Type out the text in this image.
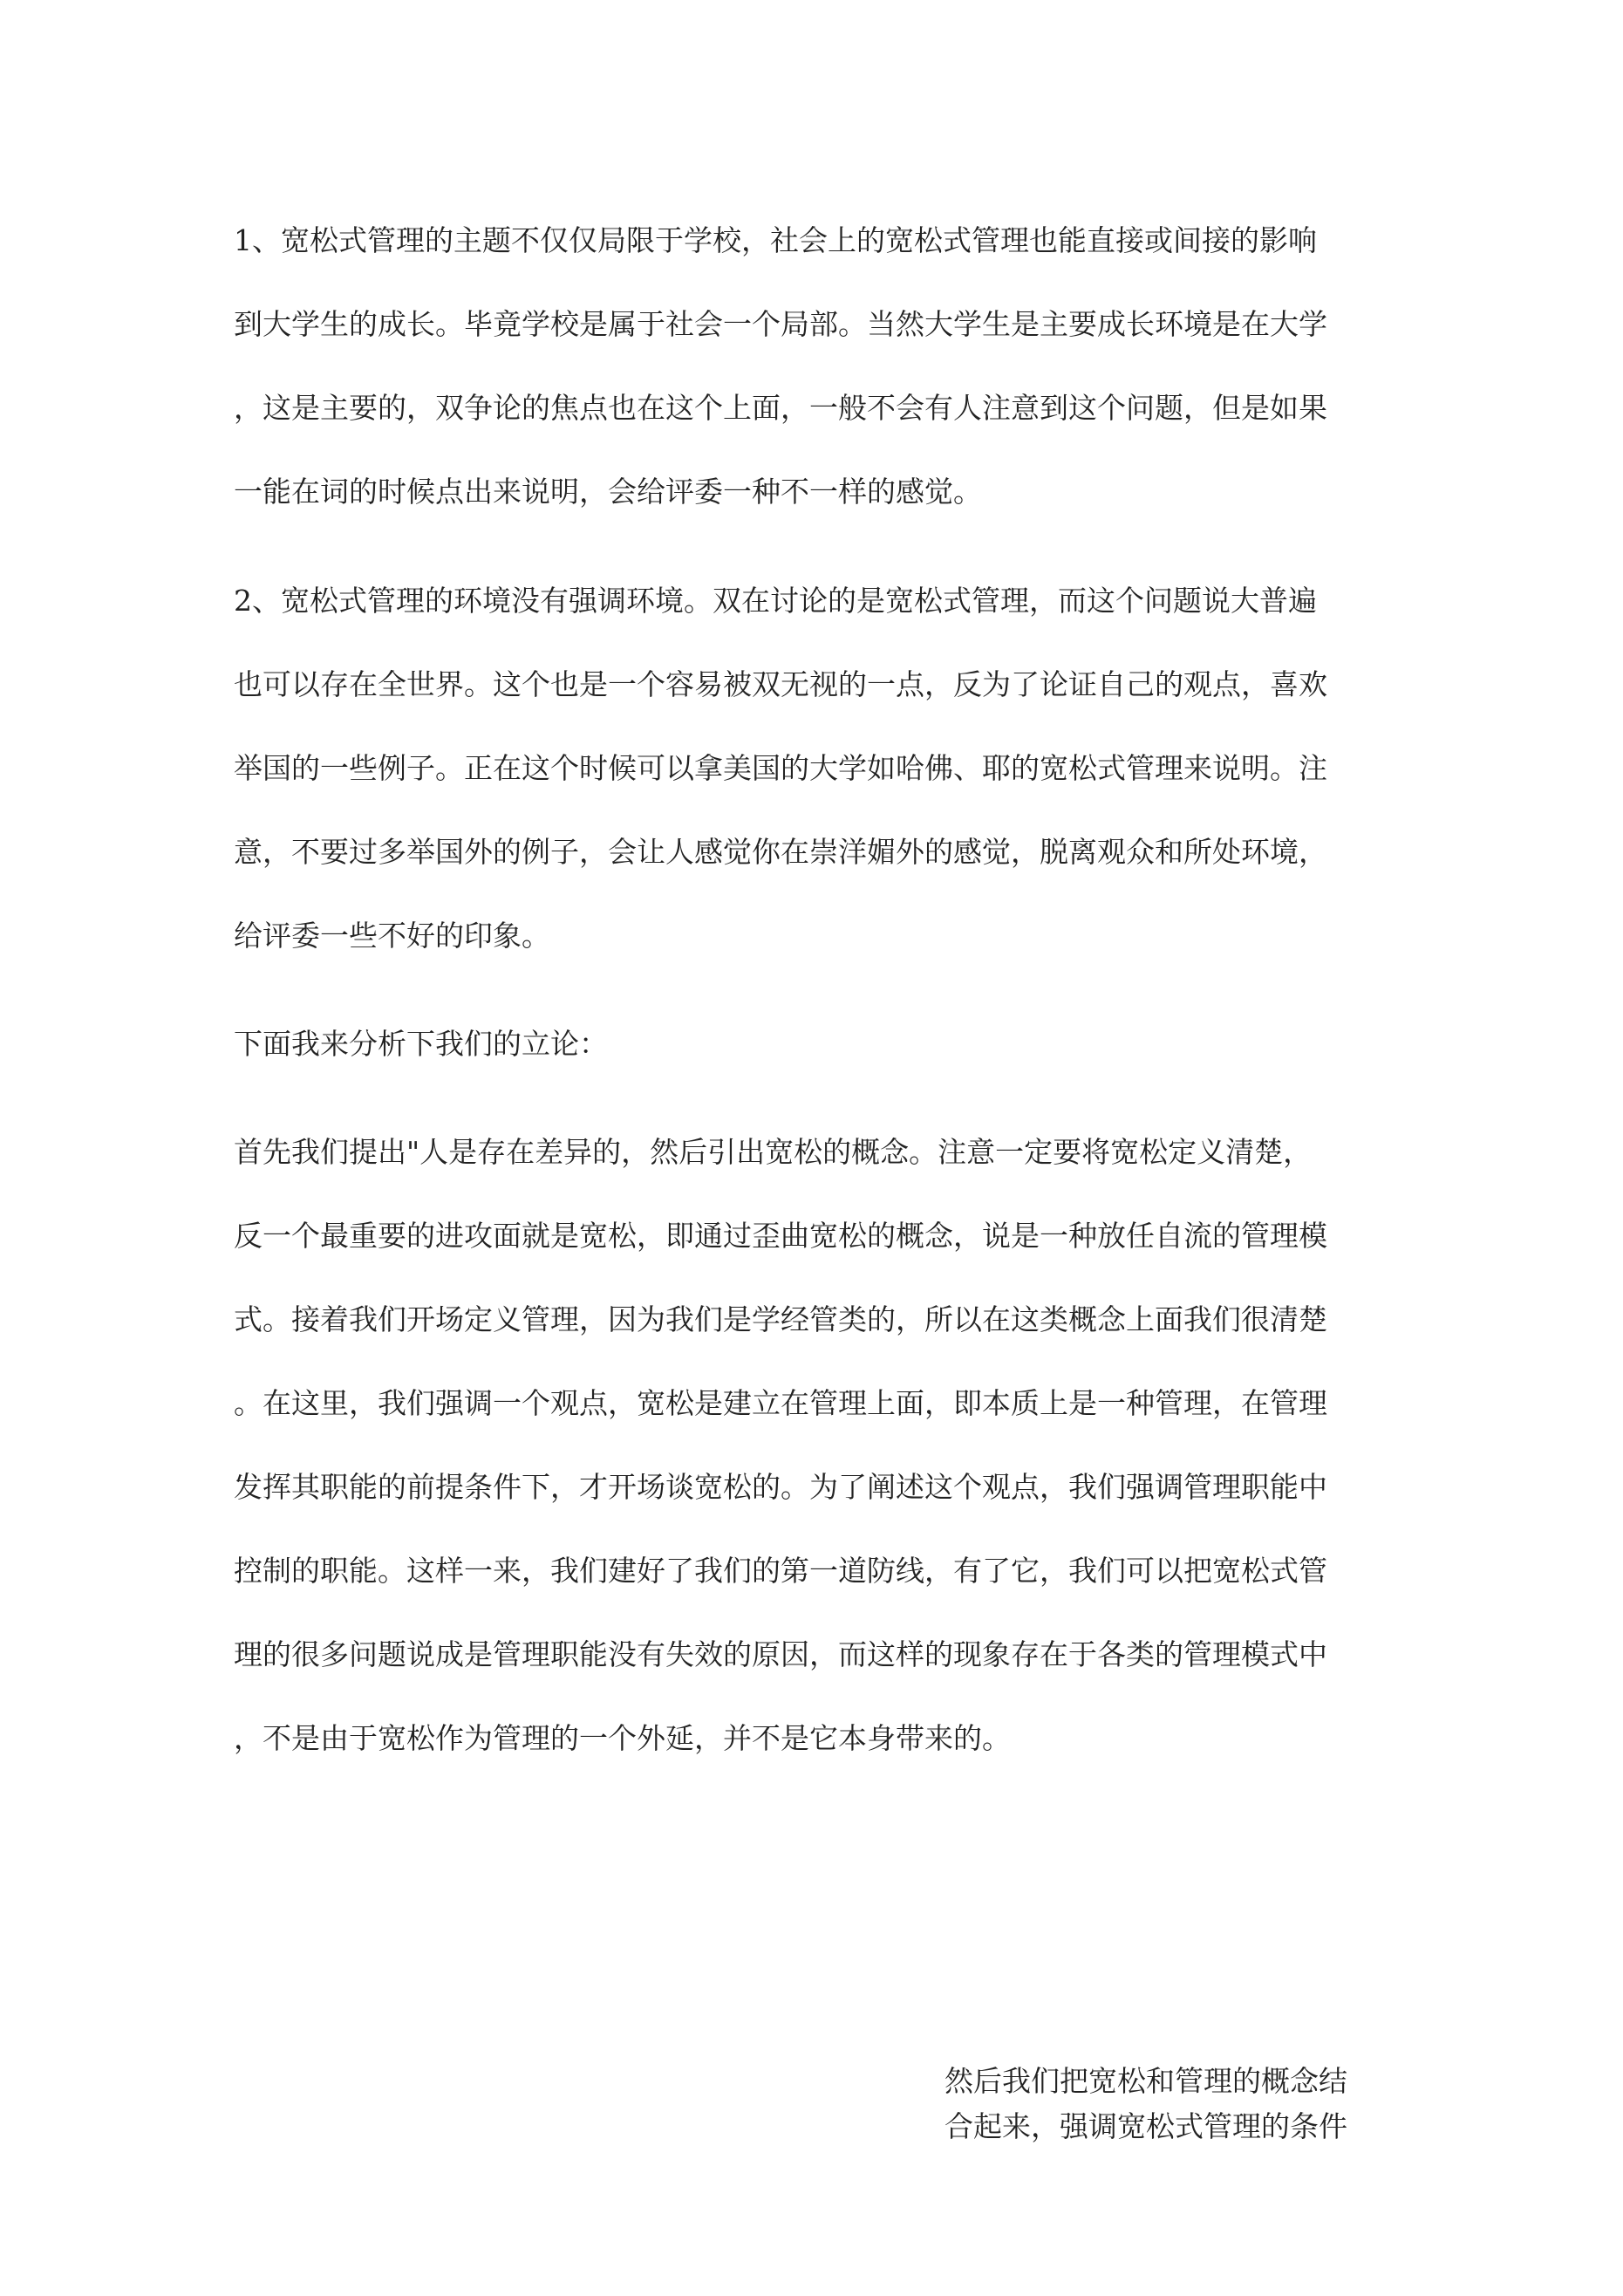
1、宽松式管理的主题不仅仅局限于学校，社会上的宽松式管理也能直接或间接的影响

到大学生的成长。毕竟学校是属于社会一个局部。当然大学生是主要成长环境是在大学

，这是主要的，双争论的焦点也在这个上面，一般不会有人注意到这个问题，但是如果

一能在词的时候点出来说明，会给评委一种不一样的感觉。

2、宽松式管理的环境没有强调环境。双在讨论的是宽松式管理，而这个问题说大普遍

也可以存在全世界。这个也是一个容易被双无视的一点，反为了论证自己的观点，喜欢

举国的一些例子。正在这个时候可以拿美国的大学如哈佛、耶的宽松式管理来说明。注

意，不要过多举国外的例子，会让人感觉你在崇洋媚外的感觉，脱离观众和所处环境，

给评委一些不好的印象。

下面我来分析下我们的立论：

首先我们提出"人是存在差异的，然后引出宽松的概念。注意一定要将宽松定义清楚，

反一个最重要的进攻面就是宽松，即通过歪曲宽松的概念，说是一种放任自流的管理模

式。接着我们开场定义管理，因为我们是学经管类的，所以在这类概念上面我们很清楚

。在这里，我们强调一个观点，宽松是建立在管理上面，即本质上是一种管理，在管理

发挥其职能的前提条件下，才开场谈宽松的。为了阐述这个观点，我们强调管理职能中

控制的职能。这样一来，我们建好了我们的第一道防线，有了它，我们可以把宽松式管

理的很多问题说成是管理职能没有失效的原因，而这样的现象存在于各类的管理模式中

，不是由于宽松作为管理的一个外延，并不是它本身带来的。

然后我们把宽松和管理的概念结

合起来，强调宽松式管理的条件
